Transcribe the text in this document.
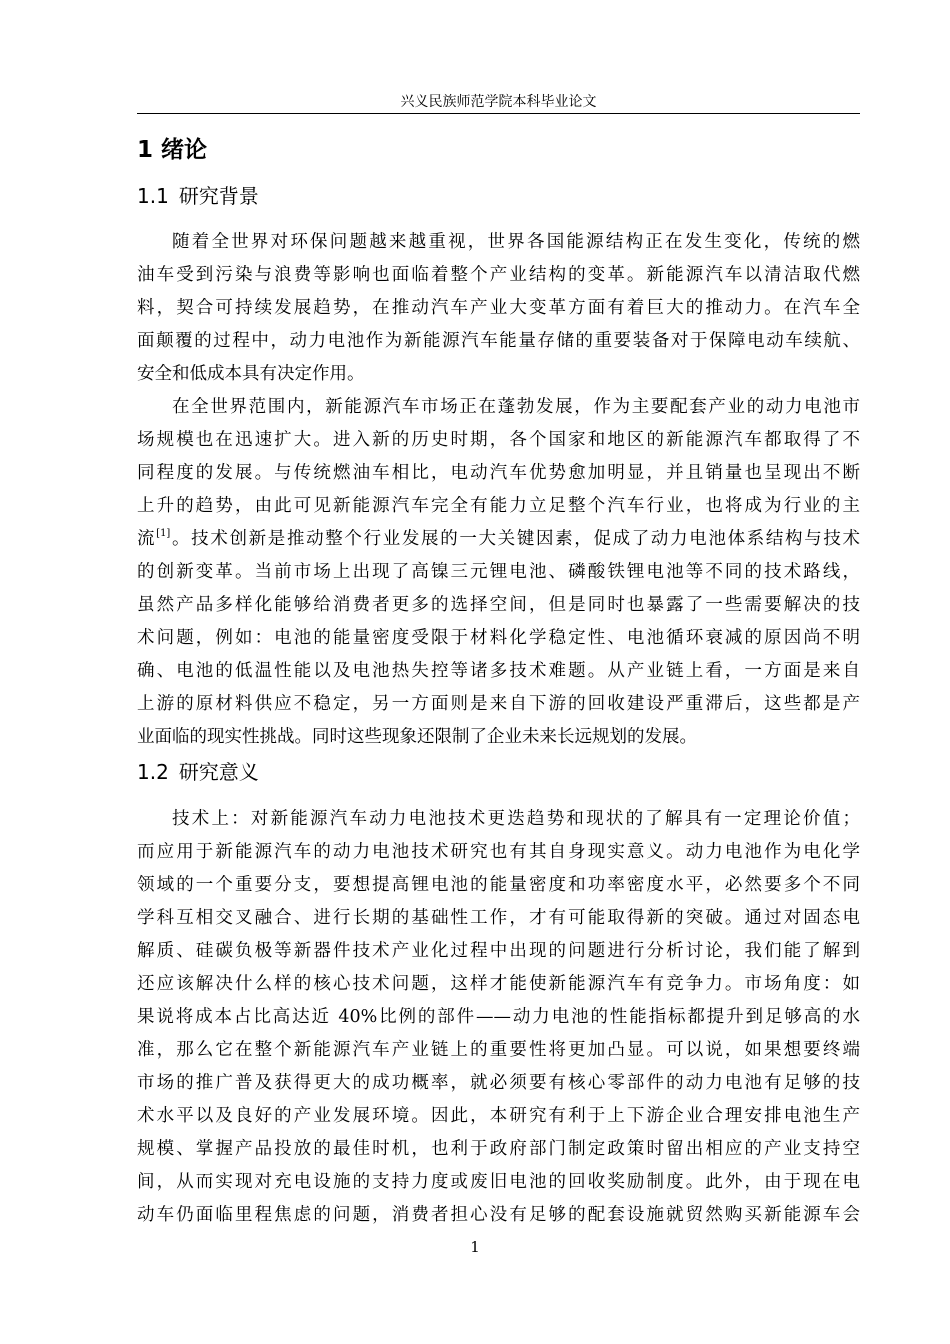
兴义民族师范学院本科毕业论文
1 绪论
1.1 研究背景
随着全世界对环保问题越来越重视，世界各国能源结构正在发生变化，传统的燃
油车受到污染与浪费等影响也面临着整个产业结构的变革。新能源汽车以清洁取代燃
料，契合可持续发展趋势，在推动汽车产业大变革方面有着巨大的推动力。在汽车全
面颠覆的过程中，动力电池作为新能源汽车能量存储的重要装备对于保障电动车续航、
安全和低成本具有决定作用。
在全世界范围内，新能源汽车市场正在蓬勃发展，作为主要配套产业的动力电池市
场规模也在迅速扩大。进入新的历史时期，各个国家和地区的新能源汽车都取得了不
同程度的发展。与传统燃油车相比，电动汽车优势愈加明显，并且销量也呈现出不断
上升的趋势，由此可见新能源汽车完全有能力立足整个汽车行业，也将成为行业的主
流[1]。技术创新是推动整个行业发展的一大关键因素，促成了动力电池体系结构与技术
的创新变革。当前市场上出现了高镍三元锂电池、磷酸铁锂电池等不同的技术路线，
虽然产品多样化能够给消费者更多的选择空间，但是同时也暴露了一些需要解决的技
术问题，例如：电池的能量密度受限于材料化学稳定性、电池循环衰减的原因尚不明
确、电池的低温性能以及电池热失控等诸多技术难题。从产业链上看，一方面是来自
上游的原材料供应不稳定，另一方面则是来自下游的回收建设严重滞后，这些都是产
业面临的现实性挑战。同时这些现象还限制了企业未来长远规划的发展。
1.2 研究意义
技术上：对新能源汽车动力电池技术更迭趋势和现状的了解具有一定理论价值；
而应用于新能源汽车的动力电池技术研究也有其自身现实意义。动力电池作为电化学
领域的一个重要分支，要想提高锂电池的能量密度和功率密度水平，必然要多个不同
学科互相交叉融合、进行长期的基础性工作，才有可能取得新的突破。通过对固态电
解质、硅碳负极等新器件技术产业化过程中出现的问题进行分析讨论，我们能了解到
还应该解决什么样的核心技术问题，这样才能使新能源汽车有竞争力。市场角度：如
果说将成本占比高达近 40%比例的部件——动力电池的性能指标都提升到足够高的水
准，那么它在整个新能源汽车产业链上的重要性将更加凸显。可以说，如果想要终端
市场的推广普及获得更大的成功概率，就必须要有核心零部件的动力电池有足够的技
术水平以及良好的产业发展环境。因此，本研究有利于上下游企业合理安排电池生产
规模、掌握产品投放的最佳时机，也利于政府部门制定政策时留出相应的产业支持空
间，从而实现对充电设施的支持力度或废旧电池的回收奖励制度。此外，由于现在电
动车仍面临里程焦虑的问题，消费者担心没有足够的配套设施就贸然购买新能源车会
1
